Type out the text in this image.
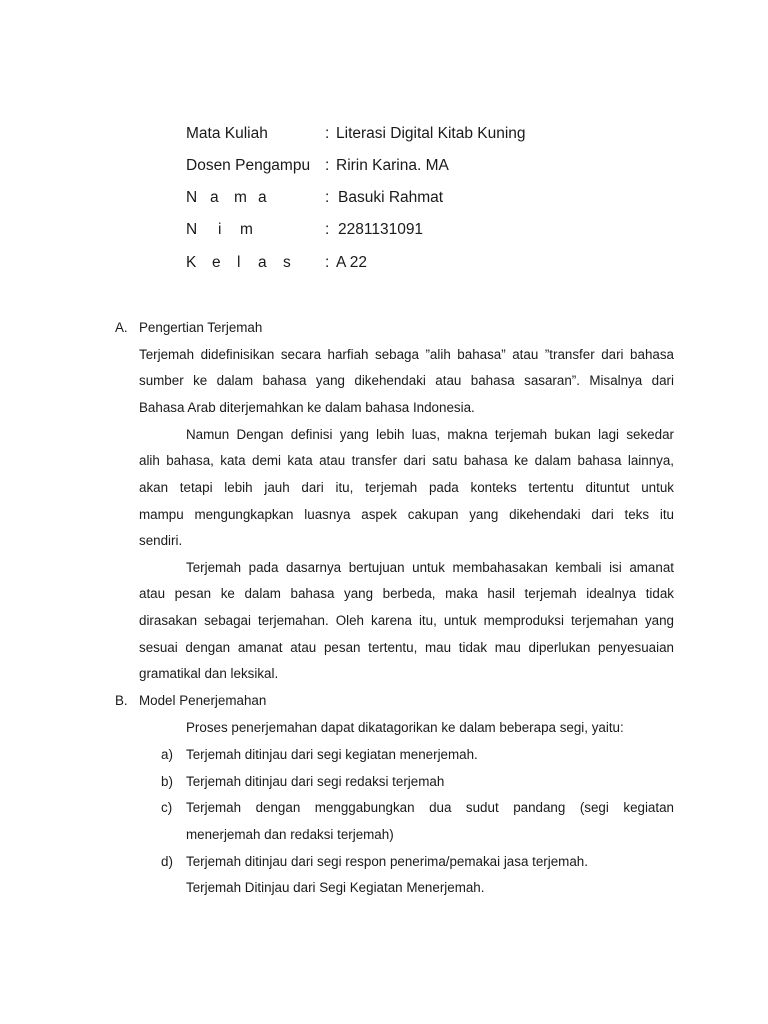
Mata Kuliah	: Literasi Digital Kitab Kuning
Dosen Pengampu : Ririn Karina. MA
N a m a	: Basuki Rahmat
N i m	: 2281131091
K e l a s : A 22
A. Pengertian Terjemah
Terjemah didefinisikan secara harfiah sebaga ”alih bahasa” atau ”transfer dari bahasa
sumber ke dalam bahasa yang dikehendaki atau bahasa sasaran”. Misalnya dari
Bahasa Arab diterjemahkan ke dalam bahasa Indonesia.
Namun Dengan definisi yang lebih luas, makna terjemah bukan lagi sekedar
alih bahasa, kata demi kata atau transfer dari satu bahasa ke dalam bahasa lainnya,
akan tetapi lebih jauh dari itu, terjemah pada konteks tertentu dituntut untuk
mampu mengungkapkan luasnya aspek cakupan yang dikehendaki dari teks itu
sendiri.
Terjemah pada dasarnya bertujuan untuk membahasakan kembali isi amanat
atau pesan ke dalam bahasa yang berbeda, maka hasil terjemah idealnya tidak
dirasakan sebagai terjemahan. Oleh karena itu, untuk memproduksi terjemahan yang
sesuai dengan amanat atau pesan tertentu, mau tidak mau diperlukan penyesuaian
gramatikal dan leksikal.
B. Model Penerjemahan
Proses penerjemahan dapat dikatagorikan ke dalam beberapa segi, yaitu:
a) Terjemah ditinjau dari segi kegiatan menerjemah.
b) Terjemah ditinjau dari segi redaksi terjemah
c) Terjemah dengan menggabungkan dua sudut pandang (segi kegiatan
menerjemah dan redaksi terjemah)
d) Terjemah ditinjau dari segi respon penerima/pemakai jasa terjemah.
Terjemah Ditinjau dari Segi Kegiatan Menerjemah.
